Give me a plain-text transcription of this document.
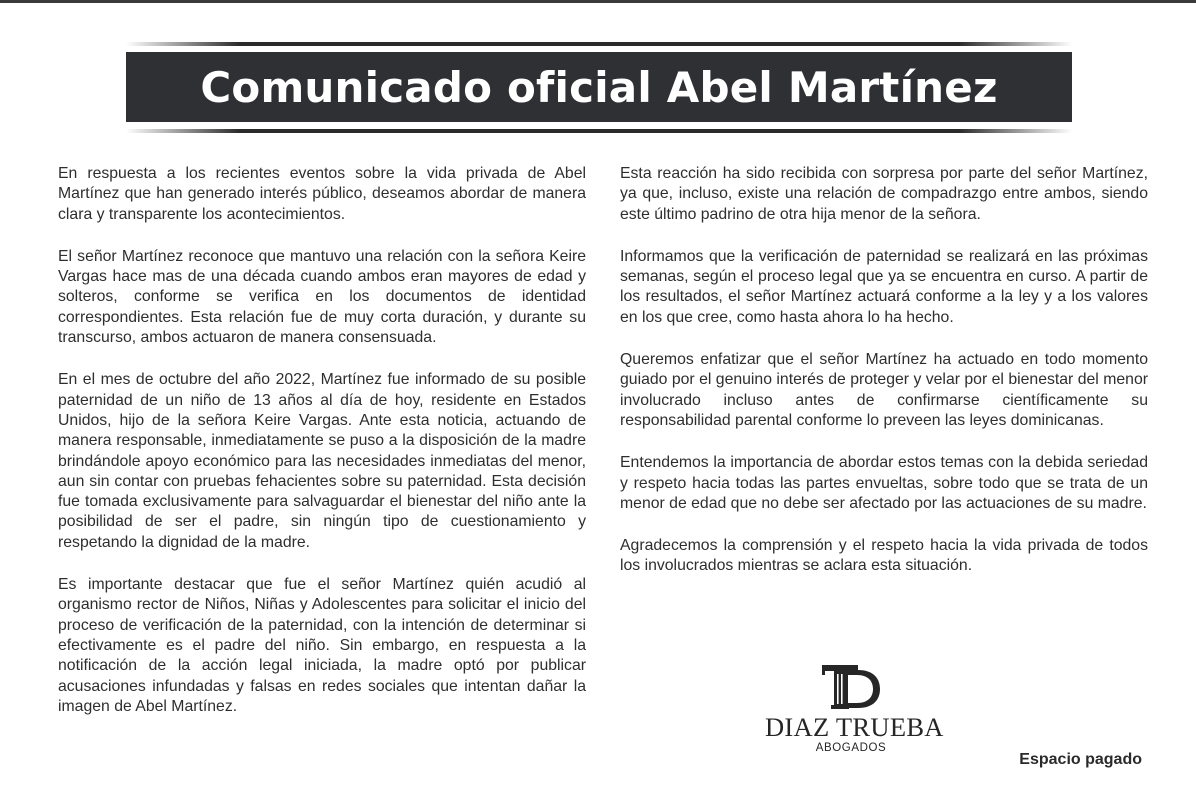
Comunicado oficial Abel Martínez

En respuesta a los recientes eventos sobre la vida privada de Abel Martínez que han generado interés público, deseamos abordar de manera clara y transparente los acontecimientos.

El señor Martínez reconoce que mantuvo una relación con la señora Keire Vargas hace mas de una década cuando ambos eran mayores de edad y solteros, conforme se verifica en los documentos de identidad correspondientes. Esta relación fue de muy corta duración, y durante su transcurso, ambos actuaron de manera consensuada.

En el mes de octubre del año 2022, Martínez fue informado de su posible paternidad de un niño de 13 años al día de hoy, residente en Estados Unidos, hijo de la señora Keire Vargas. Ante esta noticia, actuando de manera responsable, inmediatamente se puso a la disposición de la madre brindándole apoyo económico para las necesidades inmediatas del menor, aun sin contar con pruebas fehacientes sobre su paternidad. Esta decisión fue tomada exclusivamente para salvaguardar el bienestar del niño ante la posibilidad de ser el padre, sin ningún tipo de cuestionamiento y respetando la dignidad de la madre.

Es importante destacar que fue el señor Martínez quién acudió al organismo rector de Niños, Niñas y Adolescentes para solicitar el inicio del proceso de verificación de la paternidad, con la intención de determinar si efectivamente es el padre del niño. Sin embargo, en respuesta a la notificación de la acción legal iniciada, la madre optó por publicar acusaciones infundadas y falsas en redes sociales que intentan dañar la imagen de Abel Martínez.

Esta reacción ha sido recibida con sorpresa por parte del señor Martínez, ya que, incluso, existe una relación de compadrazgo entre ambos, siendo este último padrino de otra hija menor de la señora.

Informamos que la verificación de paternidad se realizará en las próximas semanas, según el proceso legal que ya se encuentra en curso. A partir de los resultados, el señor Martínez actuará conforme a la ley y a los valores en los que cree, como hasta ahora lo ha hecho.

Queremos enfatizar que el señor Martínez ha actuado en todo momento guiado por el genuino interés de proteger y velar por el bienestar del menor involucrado incluso antes de confirmarse científicamente su responsabilidad parental conforme lo preveen las leyes dominicanas.

Entendemos la importancia de abordar estos temas con la debida seriedad y respeto hacia todas las partes envueltas, sobre todo que se trata de un menor de edad que no debe ser afectado por las actuaciones de su madre.

Agradecemos la comprensión y el respeto hacia la vida privada de todos los involucrados mientras se aclara esta situación.

DIAZ TRUEBA
ABOGADOS
Espacio pagado
